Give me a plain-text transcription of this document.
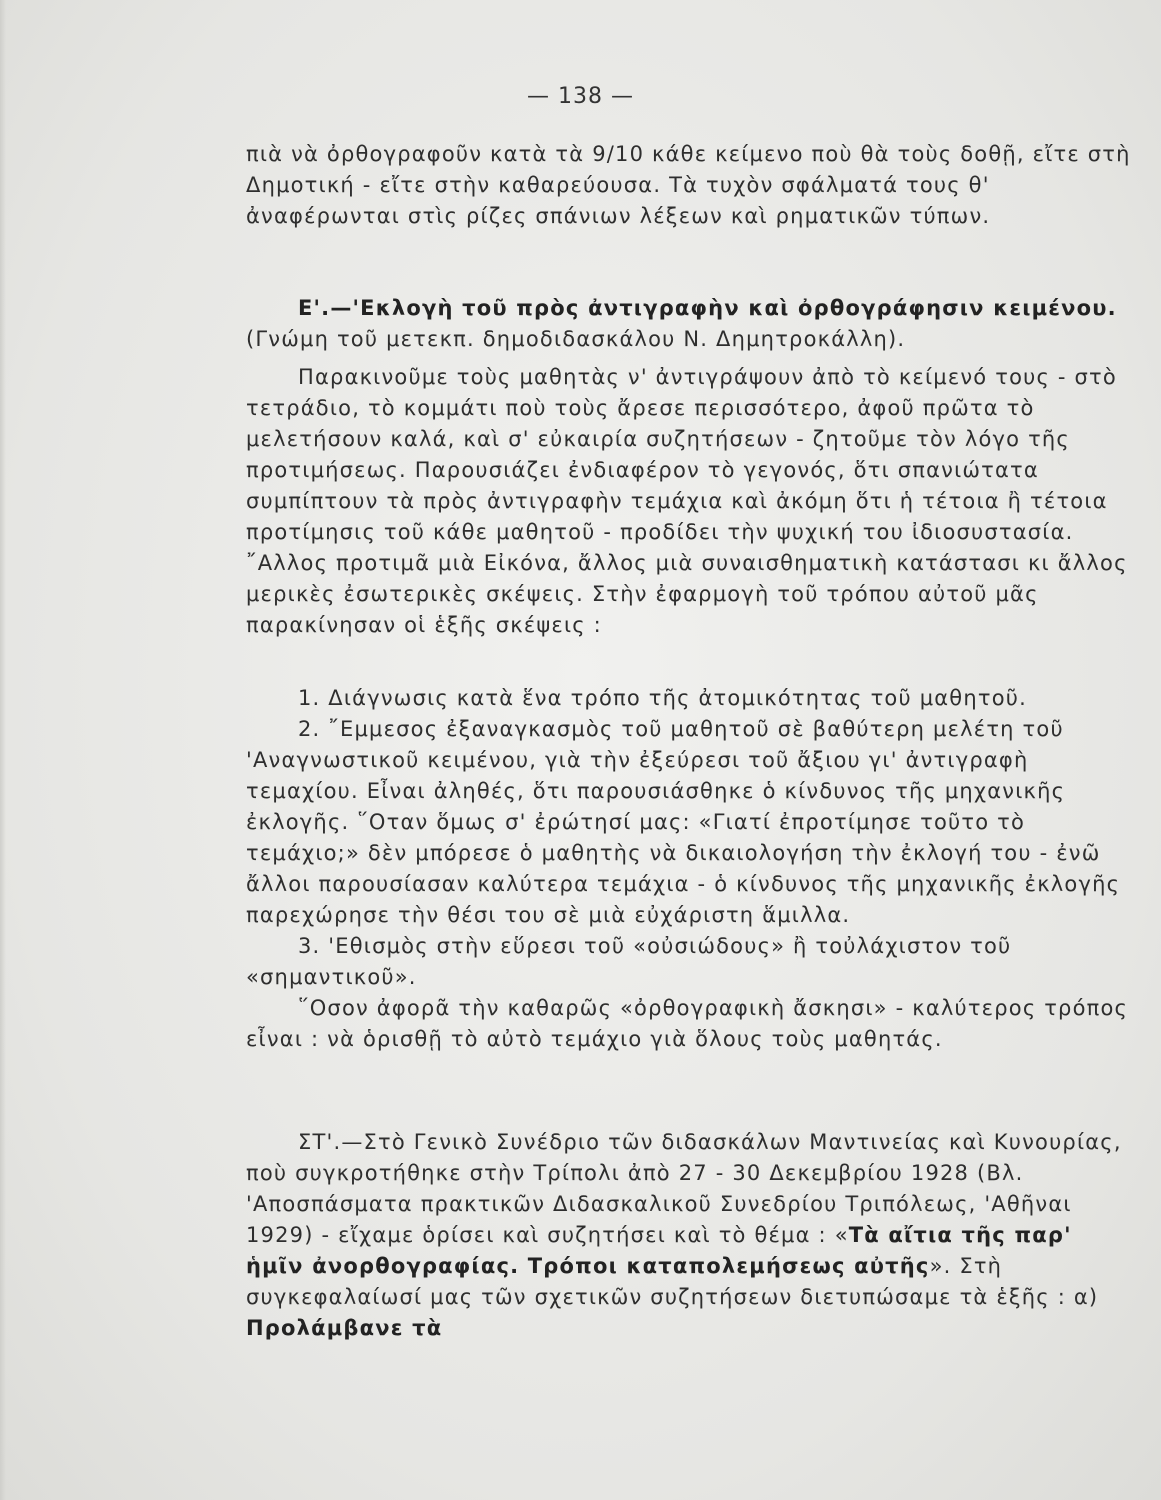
— 138 —

πιὰ νὰ ὀρθογραφοῦν κατὰ τὰ 9/10 κάθε κείμενο ποὺ θὰ τοὺς δοθῇ, εἴτε στὴ Δημοτική - εἴτε στὴν καθαρεύουσα. Τὰ τυχὸν σφάλματά τους θ' ἀναφέρωνται στὶς ρίζες σπάνιων λέξεων καὶ ρηματικῶν τύπων.

Ε'.—'Εκλογὴ τοῦ πρὸς ἀντιγραφὴν καὶ ὀρθογράφησιν κειμένου. (Γνώμη τοῦ μετεκπ. δημοδιδασκάλου Ν. Δημητροκάλλη).

Παρακινοῦμε τοὺς μαθητὰς ν' ἀντιγράψουν ἀπὸ τὸ κείμενό τους - στὸ τετράδιο, τὸ κομμάτι ποὺ τοὺς ἄρεσε περισσότερο, ἀφοῦ πρῶτα τὸ μελετήσουν καλά, καὶ σ' εὐκαιρία συζητήσεων - ζητοῦμε τὸν λόγο τῆς προτιμήσεως. Παρουσιάζει ἐνδιαφέρον τὸ γεγονός, ὅτι σπανιώτατα συμπίπτουν τὰ πρὸς ἀντιγραφὴν τεμάχια καὶ ἀκόμη ὅτι ἡ τέτοια ἢ τέτοια προτίμησις τοῦ κάθε μαθητοῦ - προδίδει τὴν ψυχική του ἰδιοσυστασία. ῎Αλλος προτιμᾶ μιὰ Εἰκόνα, ἄλλος μιὰ συναισθηματικὴ κατάστασι κι ἄλλος μερικὲς ἐσωτερικὲς σκέψεις. Στὴν ἐφαρμογὴ τοῦ τρόπου αὐτοῦ μᾶς παρακίνησαν οἱ ἑξῆς σκέψεις :

1. Διάγνωσις κατὰ ἕνα τρόπο τῆς ἀτομικότητας τοῦ μαθητοῦ.

2. ῎Εμμεσος ἐξαναγκασμὸς τοῦ μαθητοῦ σὲ βαθύτερη μελέτη τοῦ 'Αναγνωστικοῦ κειμένου, γιὰ τὴν ἐξεύρεσι τοῦ ἄξιου γι' ἀντιγραφὴ τεμαχίου. Εἶναι ἀληθές, ὅτι παρουσιάσθηκε ὁ κίνδυνος τῆς μηχανικῆς ἐκλογῆς. ῞Οταν ὅμως σ' ἐρώτησί μας: «Γιατί ἐπροτίμησε τοῦτο τὸ τεμάχιο;» δὲν μπόρεσε ὁ μαθητὴς νὰ δικαιολογήση τὴν ἐκλογή του - ἐνῶ ἄλλοι παρουσίασαν καλύτερα τεμάχια - ὁ κίνδυνος τῆς μηχανικῆς ἐκλογῆς παρεχώρησε τὴν θέσι του σὲ μιὰ εὐχάριστη ἅμιλλα.

3. 'Εθισμὸς στὴν εὕρεσι τοῦ «οὐσιώδους» ἢ τοὐλάχιστον τοῦ «σημαντικοῦ».

῞Οσον ἀφορᾶ τὴν καθαρῶς «ὀρθογραφικὴ ἄσκησι» - καλύτερος τρόπος εἶναι : νὰ ὁρισθῇ τὸ αὐτὸ τεμάχιο γιὰ ὅλους τοὺς μαθητάς.

ΣΤ'.—Στὸ Γενικὸ Συνέδριο τῶν διδασκάλων Μαντινείας καὶ Κυνουρίας, ποὺ συγκροτήθηκε στὴν Τρίπολι ἀπὸ 27 - 30 Δεκεμβρίου 1928 (Βλ. 'Αποσπάσματα πρακτικῶν Διδασκαλικοῦ Συνεδρίου Τριπόλεως, 'Αθῆναι 1929) - εἴχαμε ὁρίσει καὶ συζητήσει καὶ τὸ θέμα : «Τὰ αἴτια τῆς παρ' ἡμῖν ἀνορθογραφίας. Τρόποι καταπολεμήσεως αὐτῆς». Στὴ συγκεφαλαίωσί μας τῶν σχετικῶν συζητήσεων διετυπώσαμε τὰ ἑξῆς : α) Προλάμβανε τὰ
